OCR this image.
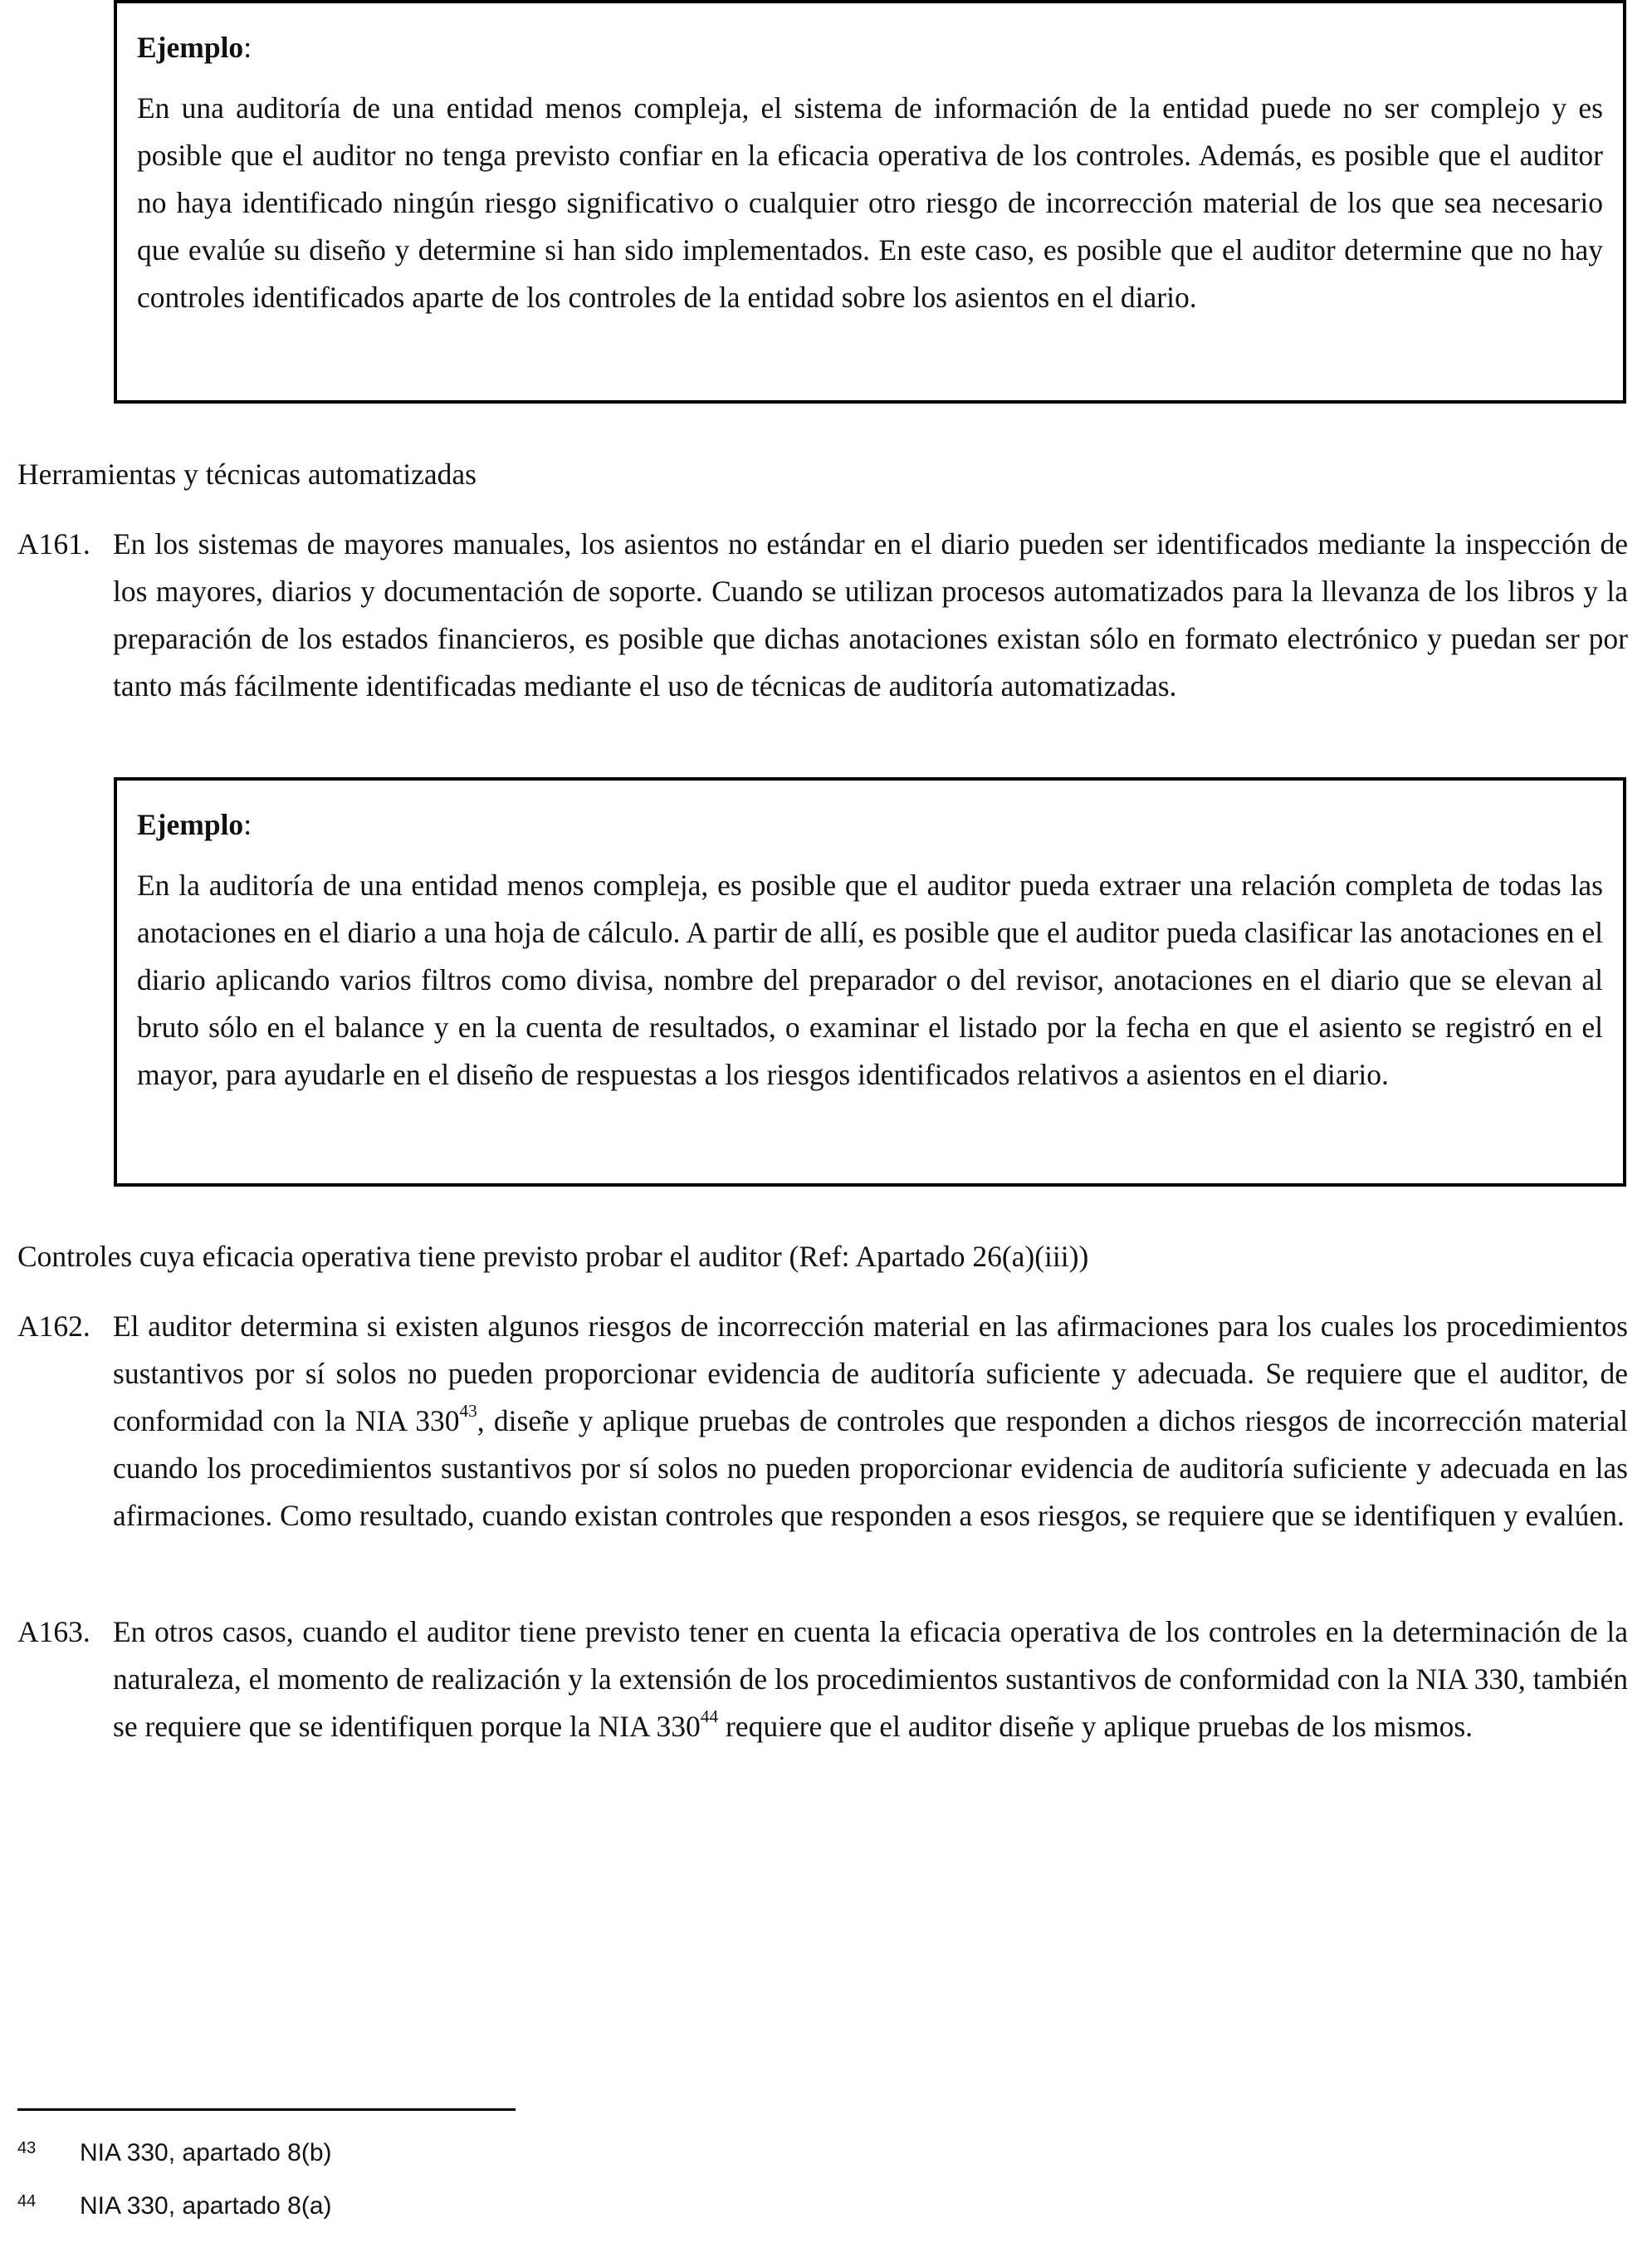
Ejemplo:

En una auditoría de una entidad menos compleja, el sistema de información de la entidad puede no ser complejo y es posible que el auditor no tenga previsto confiar en la eficacia operativa de los controles. Además, es posible que el auditor no haya identificado ningún riesgo significativo o cualquier otro riesgo de incorrección material de los que sea necesario que evalúe su diseño y determine si han sido implementados. En este caso, es posible que el auditor determine que no hay controles identificados aparte de los controles de la entidad sobre los asientos en el diario.

Herramientas y técnicas automatizadas

A161. En los sistemas de mayores manuales, los asientos no estándar en el diario pueden ser identificados mediante la inspección de los mayores, diarios y documentación de soporte. Cuando se utilizan procesos automatizados para la llevanza de los libros y la preparación de los estados financieros, es posible que dichas anotaciones existan sólo en formato electrónico y puedan ser por tanto más fácilmente identificadas mediante el uso de técnicas de auditoría automatizadas.

Ejemplo:

En la auditoría de una entidad menos compleja, es posible que el auditor pueda extraer una relación completa de todas las anotaciones en el diario a una hoja de cálculo. A partir de allí, es posible que el auditor pueda clasificar las anotaciones en el diario aplicando varios filtros como divisa, nombre del preparador o del revisor, anotaciones en el diario que se elevan al bruto sólo en el balance y en la cuenta de resultados, o examinar el listado por la fecha en que el asiento se registró en el mayor, para ayudarle en el diseño de respuestas a los riesgos identificados relativos a asientos en el diario.

Controles cuya eficacia operativa tiene previsto probar el auditor (Ref: Apartado 26(a)(iii))

A162. El auditor determina si existen algunos riesgos de incorrección material en las afirmaciones para los cuales los procedimientos sustantivos por sí solos no pueden proporcionar evidencia de auditoría suficiente y adecuada. Se requiere que el auditor, de conformidad con la NIA $330^{43}$, diseñe y aplique pruebas de controles que responden a dichos riesgos de incorrección material cuando los procedimientos sustantivos por sí solos no pueden proporcionar evidencia de auditoría suficiente y adecuada en las afirmaciones. Como resultado, cuando existan controles que responden a esos riesgos, se requiere que se identifiquen y evalúen.

A163. En otros casos, cuando el auditor tiene previsto tener en cuenta la eficacia operativa de los controles en la determinación de la naturaleza, el momento de realización y la extensión de los procedimientos sustantivos de conformidad con la NIA 330, también se requiere que se identifiquen porque la NIA $330^{44}$ requiere que el auditor diseñe y aplique pruebas de los mismos.

43 NIA 330, apartado 8(b)
44 NIA 330, apartado 8(a)
